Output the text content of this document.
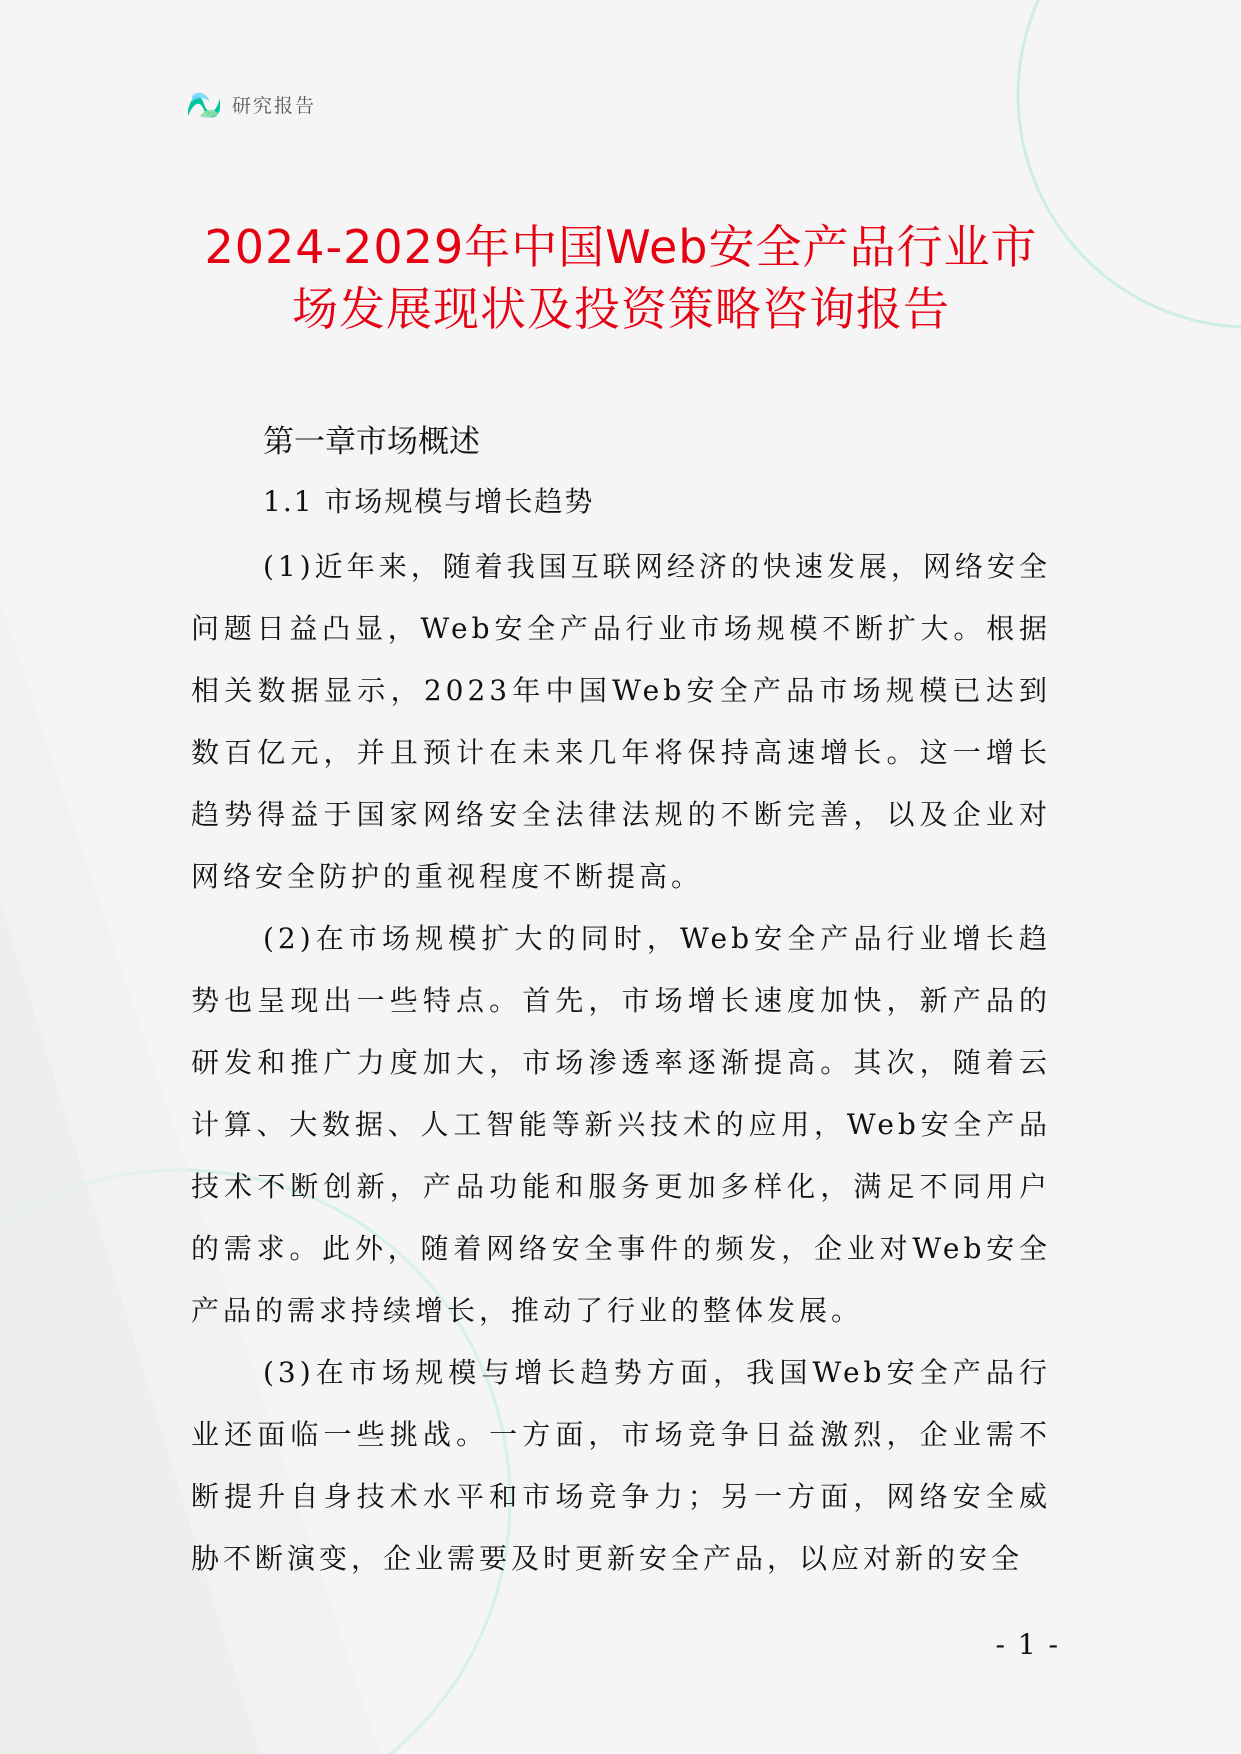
研究报告
2024-2029年中国Web安全产品行业市场发展现状及投资策略咨询报告
第一章市场概述
1.1 市场规模与增长趋势

(1)近年来，随着我国互联网经济的快速发展，网络安全问题日益凸显，Web安全产品行业市场规模不断扩大。根据相关数据显示，2023年中国Web安全产品市场规模已达到数百亿元，并且预计在未来几年将保持高速增长。这一增长趋势得益于国家网络安全法律法规的不断完善，以及企业对网络安全防护的重视程度不断提高。

(2)在市场规模扩大的同时，Web安全产品行业增长趋势也呈现出一些特点。首先，市场增长速度加快，新产品的研发和推广力度加大，市场渗透率逐渐提高。其次，随着云计算、大数据、人工智能等新兴技术的应用，Web安全产品技术不断创新，产品功能和服务更加多样化，满足不同用户的需求。此外，随着网络安全事件的频发，企业对Web安全产品的需求持续增长，推动了行业的整体发展。

(3)在市场规模与增长趋势方面，我国Web安全产品行业还面临一些挑战。一方面，市场竞争日益激烈，企业需不断提升自身技术水平和市场竞争力；另一方面，网络安全威胁不断演变，企业需要及时更新安全产品，以应对新的安全

- 1 -
